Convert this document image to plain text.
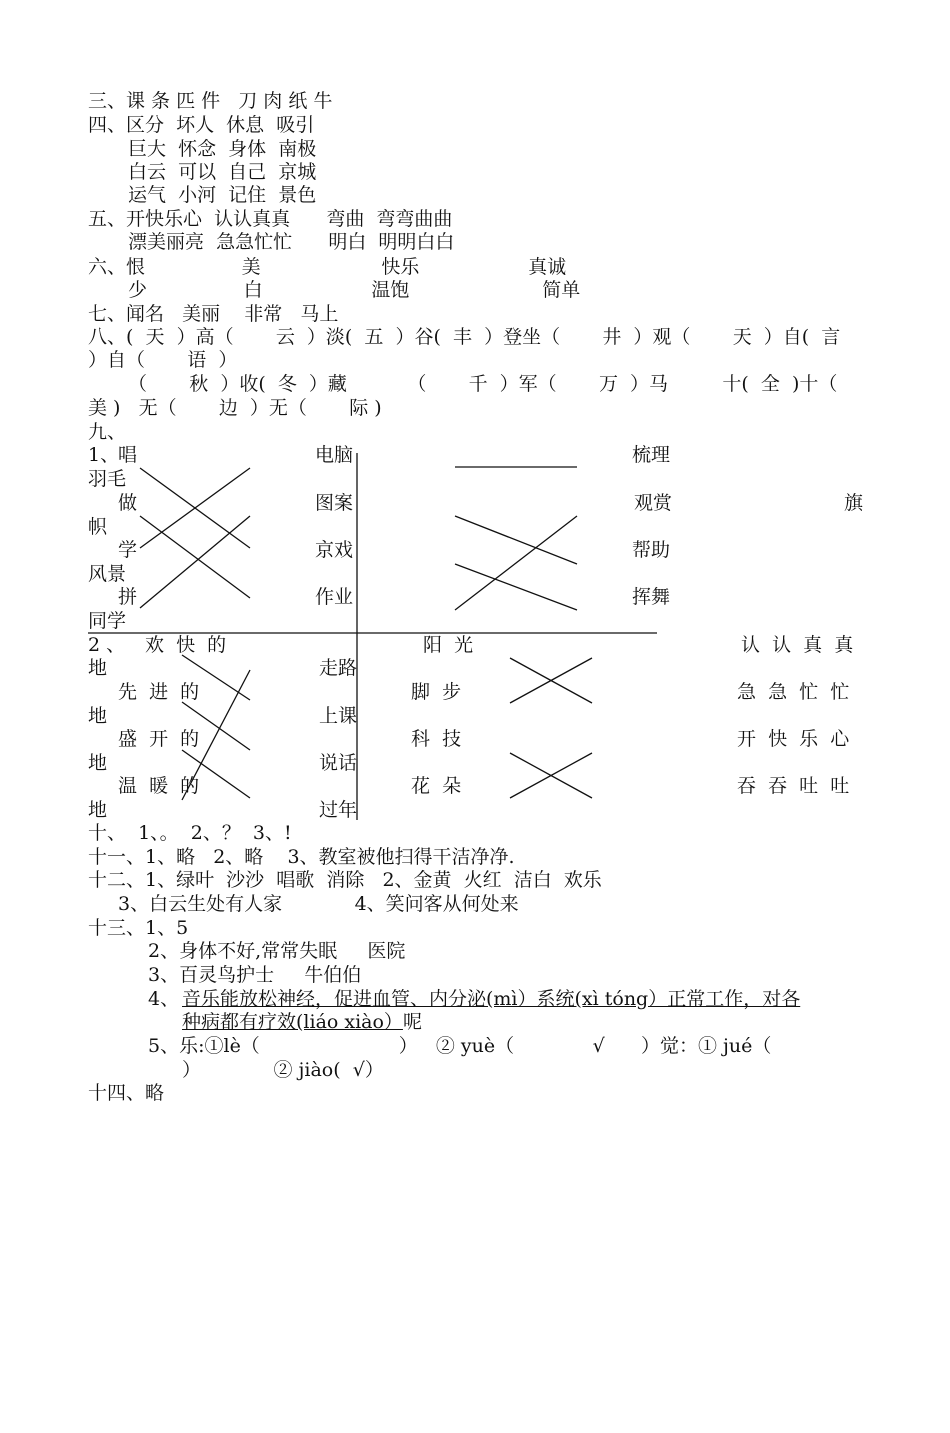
三、课 条 匹 件   刀 肉 纸 牛
四、区分  坏人  休息  吸引
巨大  怀念  身体  南极
白云  可以  自己  京城
运气  小河  记住  景色
五、开快乐心  认认真真      弯曲  弯弯曲曲
漂美丽亮  急急忙忙      明白  明明白白
六、恨                美                    快乐                  真诚
少                白                  温饱                      简单
七、闻名   美丽    非常   马上
八、(  天  ）高（       云  ）淡(  五  ）谷(  丰  ）登坐（       井  ）观（       天  ）自(  言
）自（       语  ）
（       秋  ）收(  冬  ）藏          （       千  ）军（       万  ）马         十(  全  )十（
美 )   无（       边  ）无（       际 )
九、
1、
唱
做
学
拼
电脑
图案
京戏
作业
梳理
观赏
帮助
挥舞
羽毛
旗
帜
风景
同学
2 、 欢  快  的
先  进  的
盛  开  的
温  暖  的
地
地
地
地
走路
上课
说话
过年
阳  光
脚  步
科  技
花  朵
认  认  真  真
急  急  忙  忙
开  快  乐  心
吞  吞  吐  吐
十、  1、。  2、？  3、!
十一、1、略   2、略    3、教室被他扫得干洁净净.
十二、1、绿叶  沙沙  唱歌  消除   2、金黄  火红  洁白  欢乐
3、白云生处有人家            4、笑问客从何处来
十三、1、5
2、身体不好,常常失眠     医院
3、百灵鸟护士     牛伯伯
4、 音乐能放松神经，促进血管、内分泌(mì）系统(xì tóng）正常工作，对各
种病都有疗效(liáo xiào）呢
5、乐:①lè（                       ）   ② yuè（             √      ）觉：① jué（
）            ② jiào(  √）
十四、略
